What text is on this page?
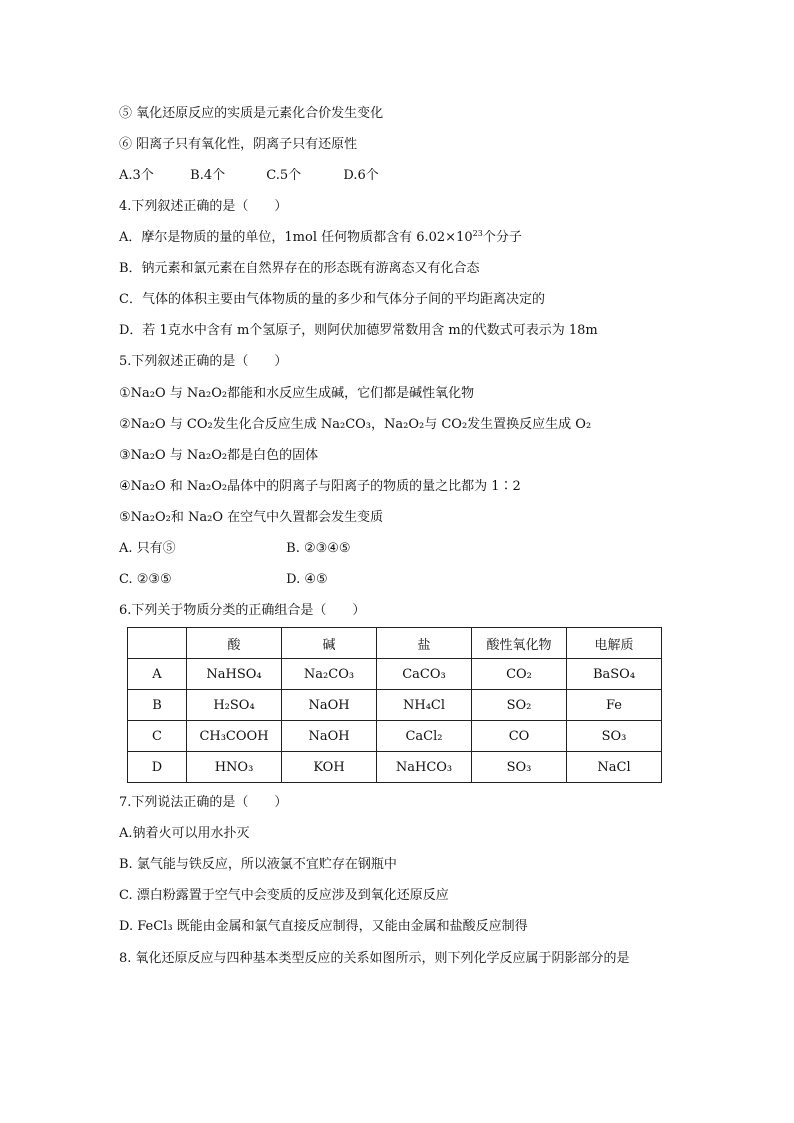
⑤ 氧化还原反应的实质是元素化合价发生变化
⑥ 阳离子只有氧化性，阴离子只有还原性
A.3个	B.4个	C.5个	D.6个
4.下列叙述正确的是（　　）
A．摩尔是物质的量的单位，1mol 任何物质都含有 $6.02\times 10^{23}$个分子
B．钠元素和氯元素在自然界存在的形态既有游离态又有化合态
C．气体的体积主要由气体物质的量的多少和气体分子间的平均距离决定的
D．若 1克水中含有 m个氢原子，则阿伏加德罗常数用含 m的代数式可表示为 18m
5.下列叙述正确的是（　　）
①Na₂O 与 Na₂O₂都能和水反应生成碱，它们都是碱性氧化物
②Na₂O 与 CO₂发生化合反应生成 Na₂CO₃，Na₂O₂与 CO₂发生置换反应生成 O₂
③Na₂O 与 Na₂O₂都是白色的固体
④Na₂O 和 Na₂O₂晶体中的阴离子与阳离子的物质的量之比都为 1∶2
⑤Na₂O₂和 Na₂O 在空气中久置都会发生变质
A. 只有⑤	B. ②③④⑤
C. ②③⑤	D. ④⑤
6.下列关于物质分类的正确组合是（　　）
	酸	碱	盐	酸性氧化物	电解质
A	NaHSO₄	Na₂CO₃	CaCO₃	CO₂	BaSO₄
B	H₂SO₄	NaOH	NH₄Cl	SO₂	Fe
C	CH₃COOH	NaOH	CaCl₂	CO	SO₃
D	HNO₃	KOH	NaHCO₃	SO₃	NaCl
7.下列说法正确的是（　　）
A.钠着火可以用水扑灭
B. 氯气能与铁反应，所以液氯不宜贮存在钢瓶中
C. 漂白粉露置于空气中会变质的反应涉及到氧化还原反应
D. FeCl₃ 既能由金属和氯气直接反应制得，又能由金属和盐酸反应制得
8. 氧化还原反应与四种基本类型反应的关系如图所示，则下列化学反应属于阴影部分的是
